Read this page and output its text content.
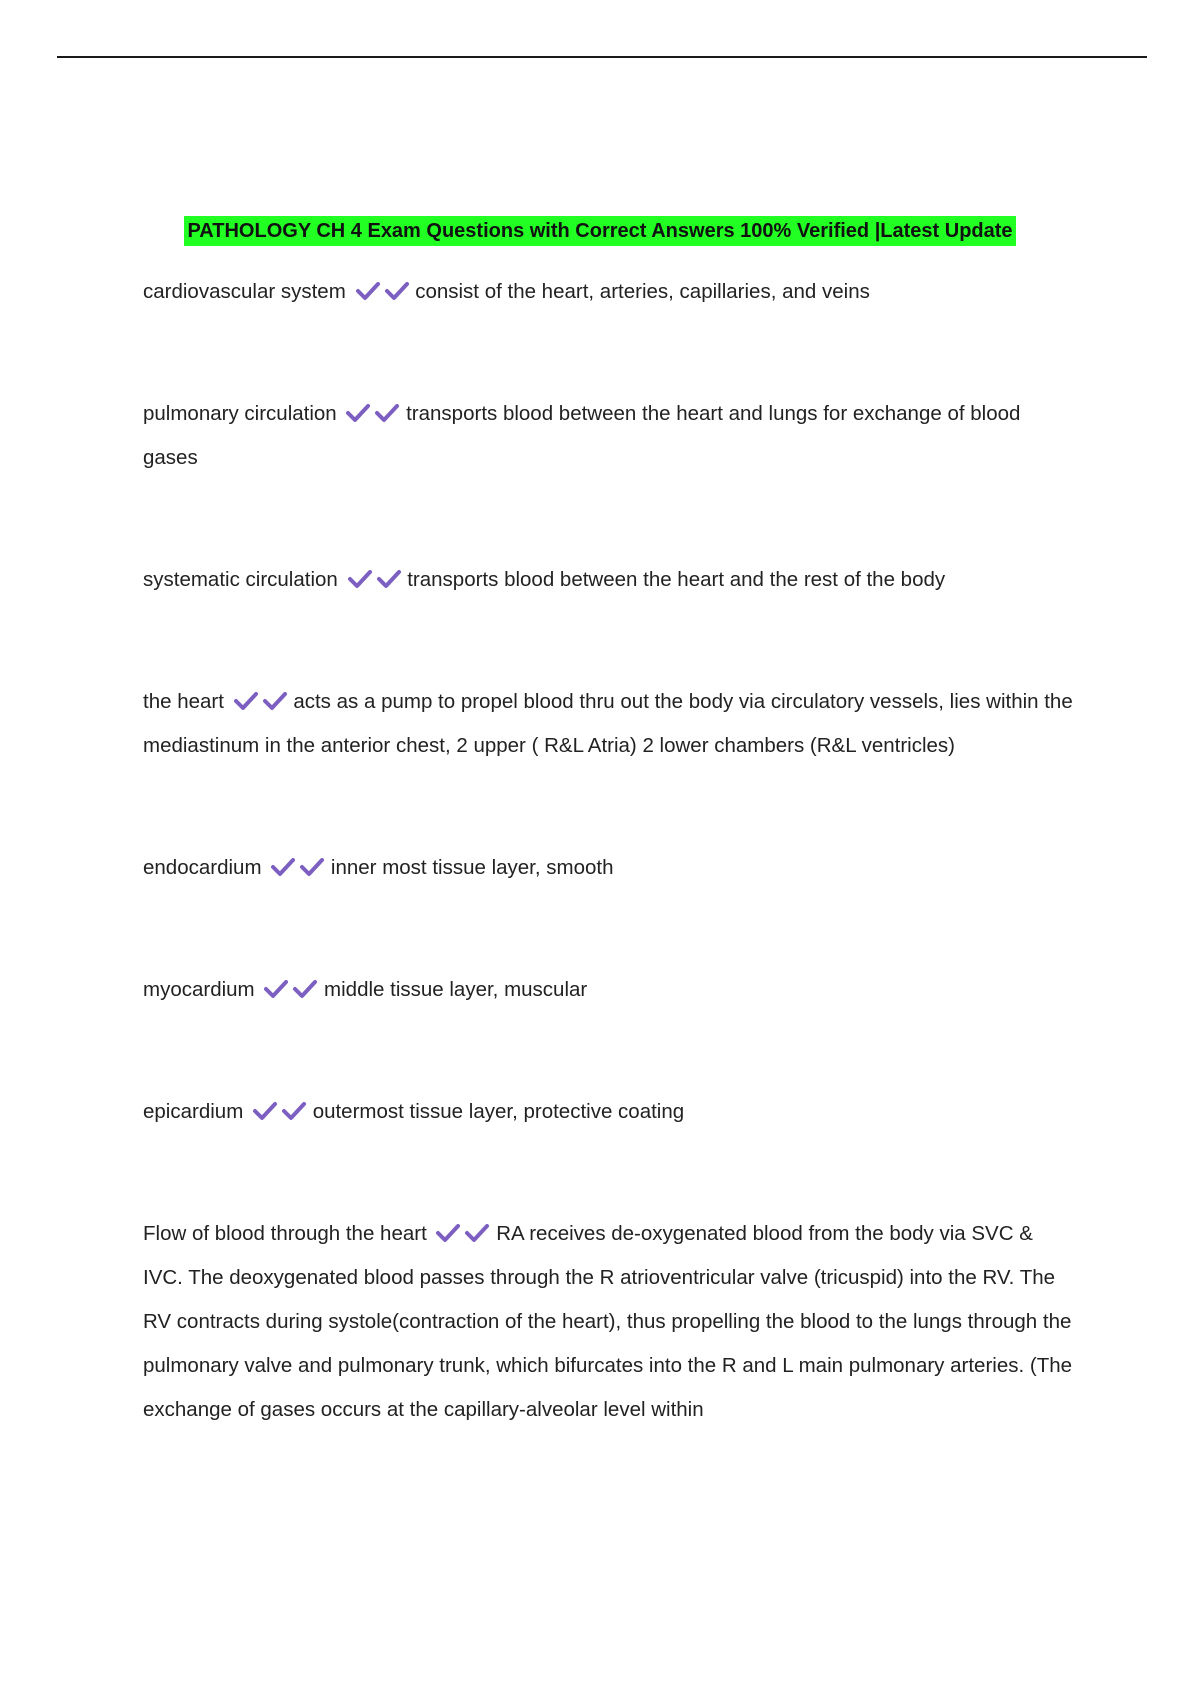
PATHOLOGY CH 4 Exam Questions with Correct Answers 100% Verified |Latest Update
cardiovascular system	consist of the heart, arteries, capillaries, and veins
pulmonary circulation	transports blood between the heart and lungs for exchange of blood gases
systematic circulation	transports blood between the heart and the rest of the body
the heart	acts as a pump to propel blood thru out the body via circulatory vessels, lies within the mediastinum in the anterior chest, 2 upper ( R&L Atria) 2 lower chambers (R&L ventricles)
endocardium	inner most tissue layer, smooth
myocardium	middle tissue layer, muscular
epicardium	outermost tissue layer, protective coating
Flow of blood through the heart	RA receives de-oxygenated blood from the body via SVC & IVC. The deoxygenated blood passes through the R atrioventricular valve (tricuspid) into the RV. The RV contracts during systole(contraction of the heart), thus propelling the blood to the lungs through the pulmonary valve and pulmonary trunk, which bifurcates into the R and L main pulmonary arteries. (The exchange of gases occurs at the capillary-alveolar level within
